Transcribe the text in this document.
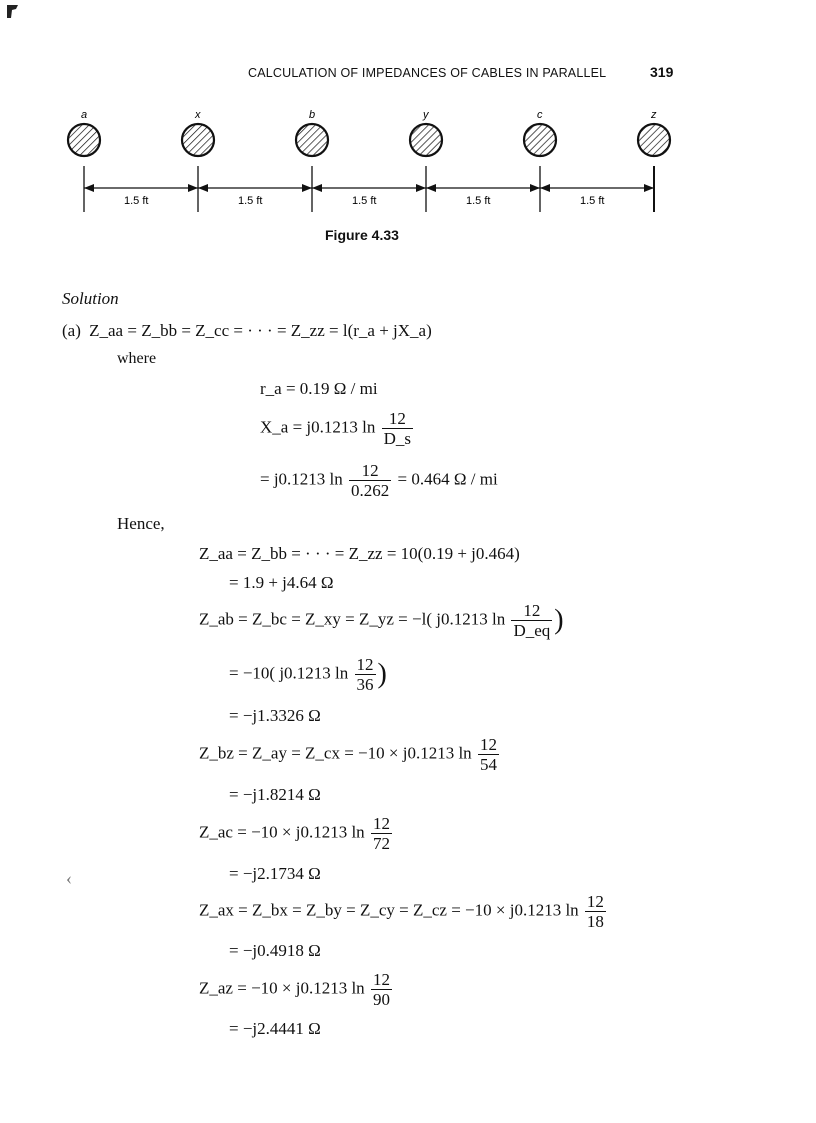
CALCULATION OF IMPEDANCES OF CABLES IN PARALLEL	319
a	x	b	y	c	z
1.5 ft	1.5 ft	1.5 ft	1.5 ft	1.5 ft
Figure 4.33
Solution
(a) Z_aa = Z_bb = Z_cc = · · · = Z_zz = l(r_a + jX_a)
where
r_a = 0.19 Ω / mi
X_a = j0.1213 $\ln \frac{12}{D\_s}$
= j0.1213 $\ln \frac{12}{0.262} = 0.464$ Ω / mi
Hence,
Z_aa = Z_bb = · · · = Z_zz = 10(0.19 + j0.464)
= 1.9 + j4.64 Ω
Z_ab = Z_bc = Z_xy = Z_yz = −l( j0.1213 $\ln \frac{12}{D\_eq}$ )
= −10( j0.1213 $\ln \frac{12}{36}$ )
= −j1.3326 Ω
Z_bz = Z_ay = Z_cx = −10 × j0.1213 $\ln \frac{12}{54}$
= −j1.8214 Ω
Z_ac = −10 × j0.1213 $\ln \frac{12}{72}$
= −j2.1734 Ω
‹
Z_ax = Z_bx = Z_by = Z_cy = Z_cz = −10 × j0.1213 $\ln \frac{12}{18}$
= −j0.4918 Ω
Z_az = −10 × j0.1213 $\ln \frac{12}{90}$
= −j2.4441 Ω
